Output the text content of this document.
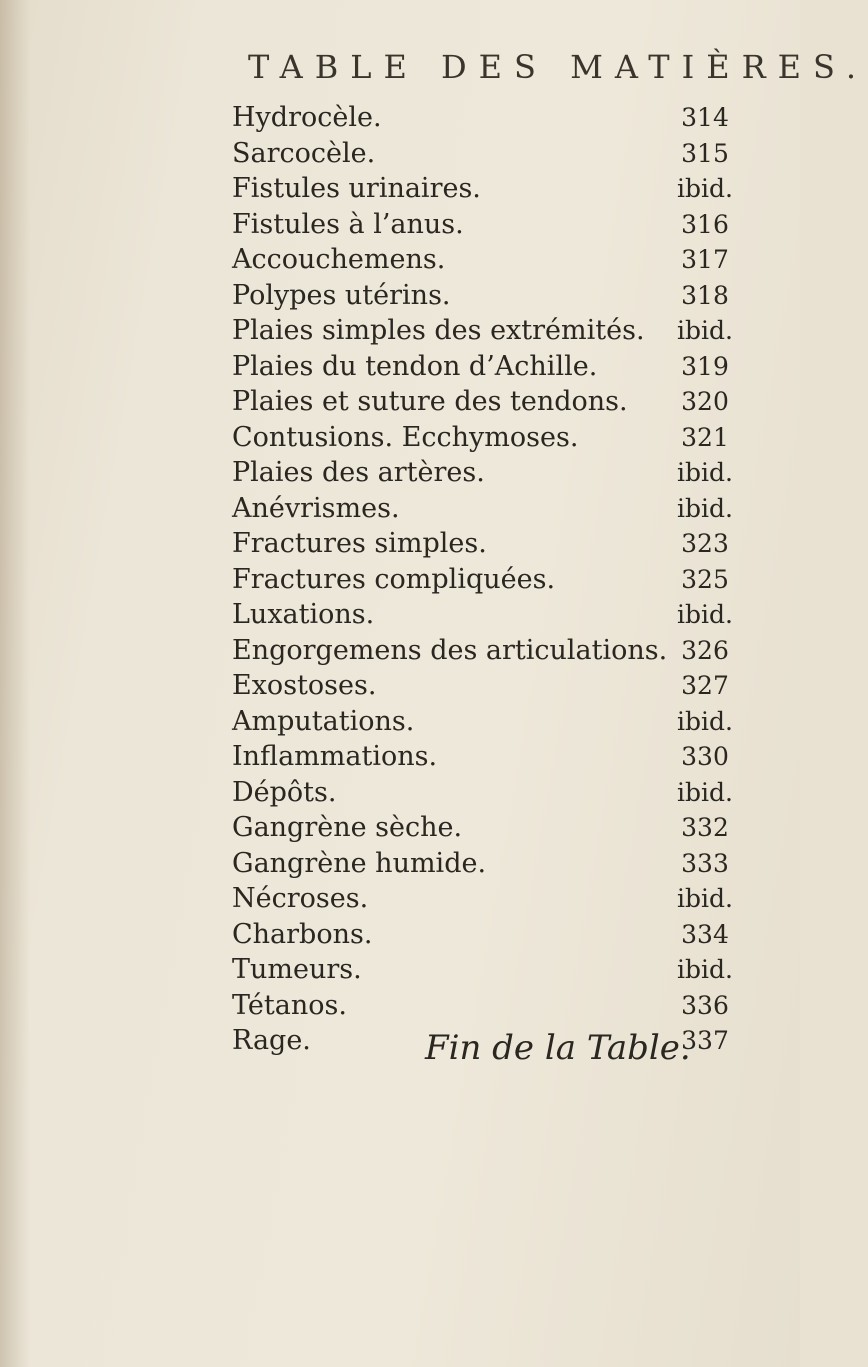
TABLE DES MATIÈRES.
Hydrocèle.	314
Sarcocèle.	315
Fistules urinaires.	ibid.
Fistules à l’anus.	316
Accouchemens.	317
Polypes utérins.	318
Plaies simples des extrémités.	ibid.
Plaies du tendon d’Achille.	319
Plaies et suture des tendons.	320
Contusions. Ecchymoses.	321
Plaies des artères.	ibid.
Anévrismes.	ibid.
Fractures simples.	323
Fractures compliquées.	325
Luxations.	ibid.
Engorgemens des articulations. 326
Exostoses.	327
Amputations.	ibid.
Inflammations.	330
Dépôts.	ibid.
Gangrène sèche.	332
Gangrène humide.	333
Nécroses.	ibid.
Charbons.	334
Tumeurs.	ibid.
Tétanos.	336
Rage.	337
Fin de la Table.
